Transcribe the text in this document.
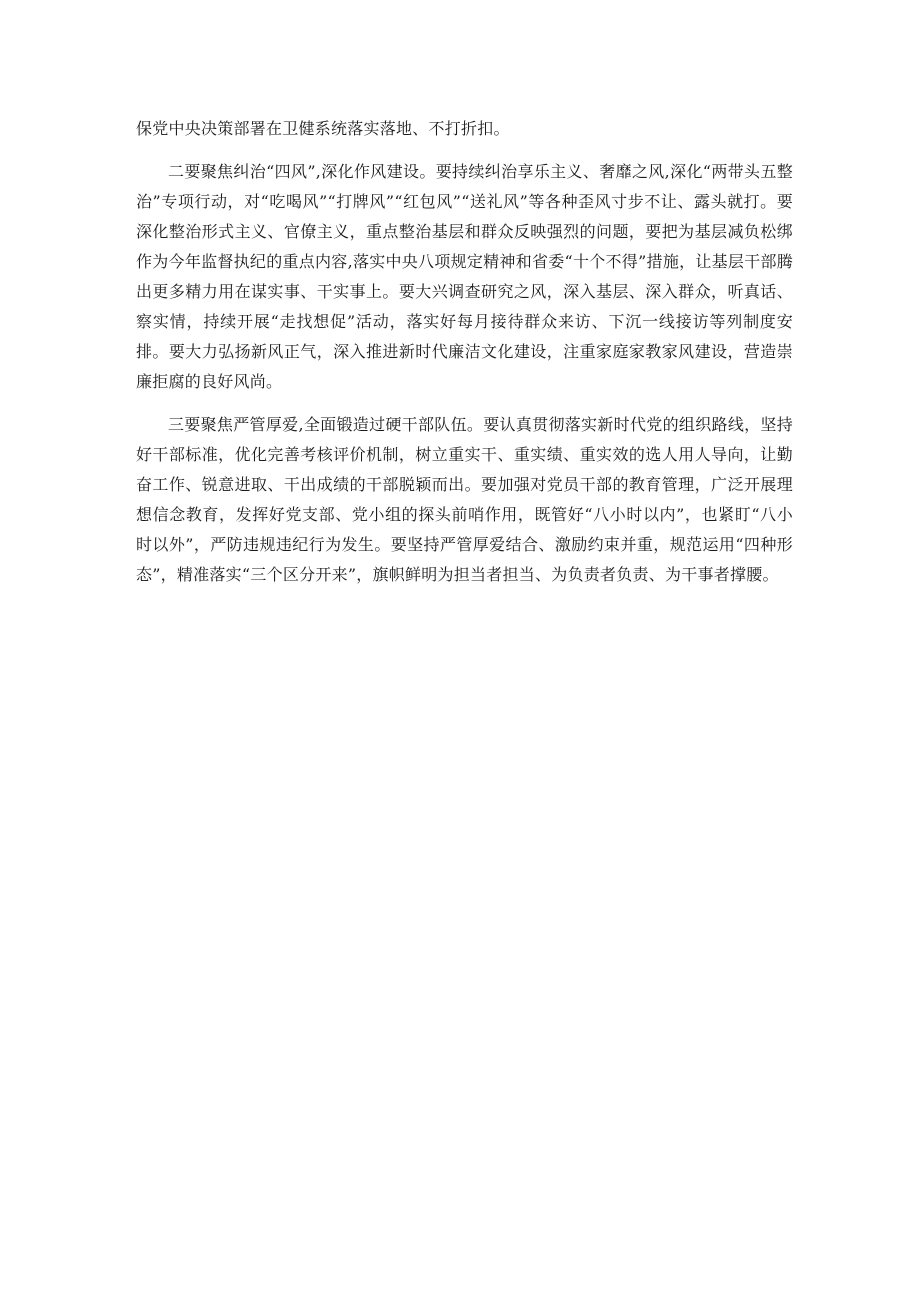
保党中央决策部署在卫健系统落实落地、不打折扣。

二要聚焦纠治“四风”,深化作风建设。要持续纠治享乐主义、奢靡之风,深化“两带头五整治”专项行动，对“吃喝风”“打牌风”“红包风”“送礼风”等各种歪风寸步不让、露头就打。要深化整治形式主义、官僚主义，重点整治基层和群众反映强烈的问题，要把为基层减负松绑作为今年监督执纪的重点内容,落实中央八项规定精神和省委“十个不得”措施，让基层干部腾出更多精力用在谋实事、干实事上。要大兴调查研究之风，深入基层、深入群众，听真话、察实情，持续开展“走找想促”活动，落实好每月接待群众来访、下沉一线接访等列制度安排。要大力弘扬新风正气，深入推进新时代廉洁文化建设，注重家庭家教家风建设，营造崇廉拒腐的良好风尚。

三要聚焦严管厚爱,全面锻造过硬干部队伍。要认真贯彻落实新时代党的组织路线，坚持好干部标准，优化完善考核评价机制，树立重实干、重实绩、重实效的选人用人导向，让勤奋工作、锐意进取、干出成绩的干部脱颖而出。要加强对党员干部的教育管理，广泛开展理想信念教育，发挥好党支部、党小组的探头前哨作用，既管好“八小时以内”，也紧盯“八小时以外”，严防违规违纪行为发生。要坚持严管厚爱结合、激励约束并重，规范运用“四种形态”，精准落实“三个区分开来”，旗帜鲜明为担当者担当、为负责者负责、为干事者撑腰。
